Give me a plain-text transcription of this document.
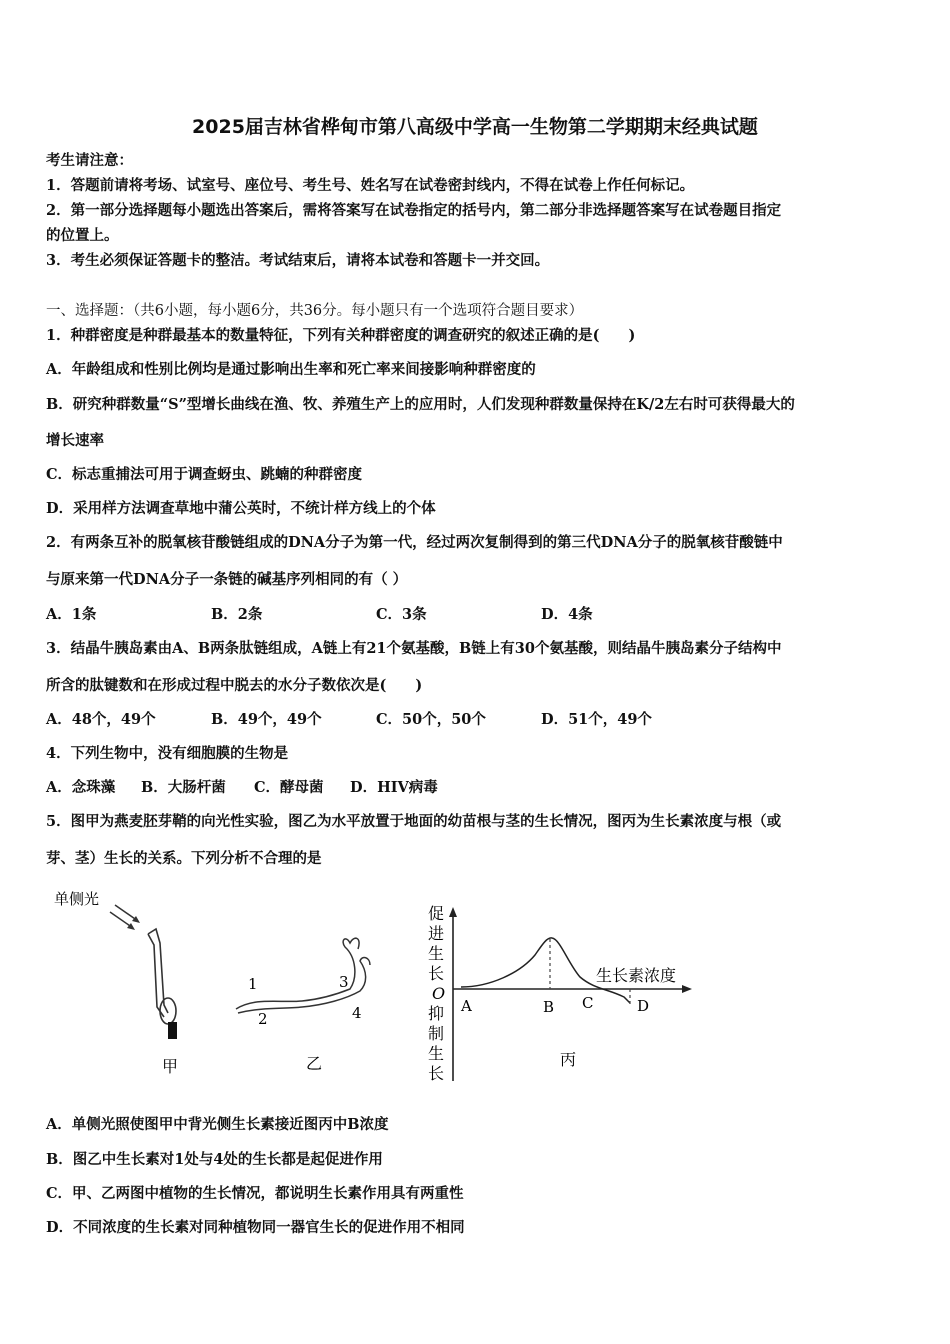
2025届吉林省桦甸市第八高级中学高一生物第二学期期末经典试题
考生请注意：
1．答题前请将考场、试室号、座位号、考生号、姓名写在试卷密封线内，不得在试卷上作任何标记。
2．第一部分选择题每小题选出答案后，需将答案写在试卷指定的括号内，第二部分非选择题答案写在试卷题目指定
的位置上。
3．考生必须保证答题卡的整洁。考试结束后，请将本试卷和答题卡一并交回。
一、选择题：（共6小题，每小题6分，共36分。每小题只有一个选项符合题目要求）
1．种群密度是种群最基本的数量特征，下列有关种群密度的调查研究的叙述正确的是(　　)
A．年龄组成和性别比例均是通过影响出生率和死亡率来间接影响种群密度的
B．研究种群数量“S”型增长曲线在渔、牧、养殖生产上的应用时，人们发现种群数量保持在K/2左右时可获得最大的
增长速率
C．标志重捕法可用于调查蚜虫、跳蝻的种群密度
D．采用样方法调查草地中蒲公英时，不统计样方线上的个体
2．有两条互补的脱氧核苷酸链组成的DNA分子为第一代，经过两次复制得到的第三代DNA分子的脱氧核苷酸链中
与原来第一代DNA分子一条链的碱基序列相同的有（ ）
A．1条	B．2条	C．3条	D．4条
3．结晶牛胰岛素由A、B两条肽链组成，A链上有21个氨基酸，B链上有30个氨基酸，则结晶牛胰岛素分子结构中
所含的肽键数和在形成过程中脱去的水分子数依次是(　　)
A．48个，49个	B．49个，49个	C．50个，50个	D．51个，49个
4．下列生物中，没有细胞膜的生物是
A．念珠藻 B．大肠杆菌 C．酵母菌 D．HIV病毒
5．图甲为燕麦胚芽鞘的向光性实验，图乙为水平放置于地面的幼苗根与茎的生长情况，图丙为生长素浓度与根（或
芽、茎）生长的关系。下列分析不合理的是
单侧光
甲
1
2
3
4
乙
促
进
生
长
O
抑
制
生
长
生长素浓度
A	B C	D
丙
A．单侧光照使图甲中背光侧生长素接近图丙中B浓度
B．图乙中生长素对1处与4处的生长都是起促进作用
C．甲、乙两图中植物的生长情况，都说明生长素作用具有两重性
D．不同浓度的生长素对同种植物同一器官生长的促进作用不相同
